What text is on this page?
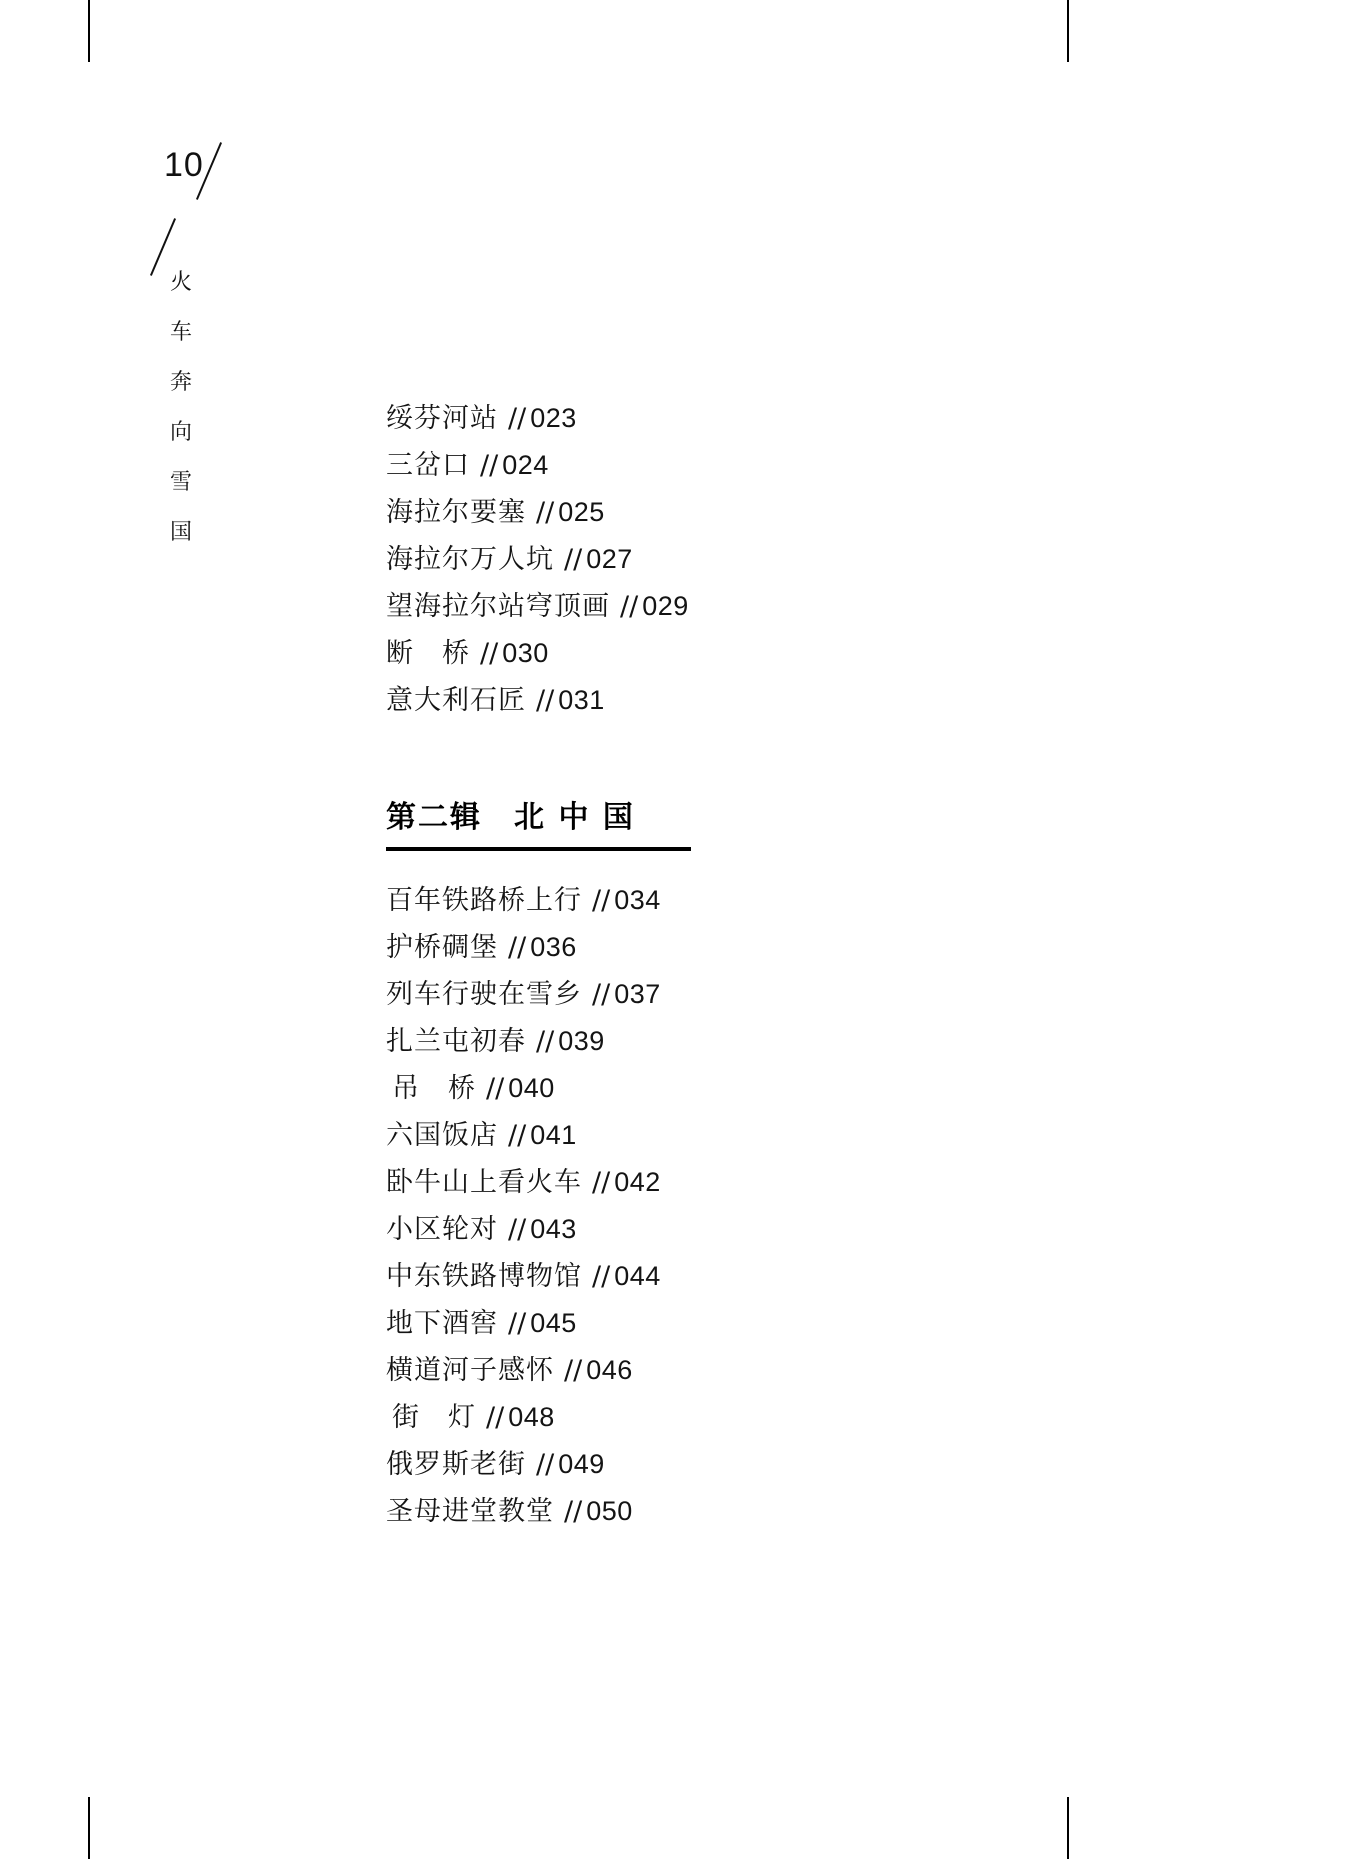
10
火
车
奔
向
雪
国
绥芬河站 // 023
三岔口 // 024
海拉尔要塞 // 025
海拉尔万人坑 // 027
望海拉尔站穹顶画 // 029
断　桥 // 030
意大利石匠 // 031
第二辑　北 中 国
百年铁路桥上行 // 034
护桥碉堡 // 036
列车行驶在雪乡 // 037
扎兰屯初春 // 039
吊　桥 // 040
六国饭店 // 041
卧牛山上看火车 // 042
小区轮对 // 043
中东铁路博物馆 // 044
地下酒窖 // 045
横道河子感怀 // 046
街　灯 // 048
俄罗斯老街 // 049
圣母进堂教堂 // 050
